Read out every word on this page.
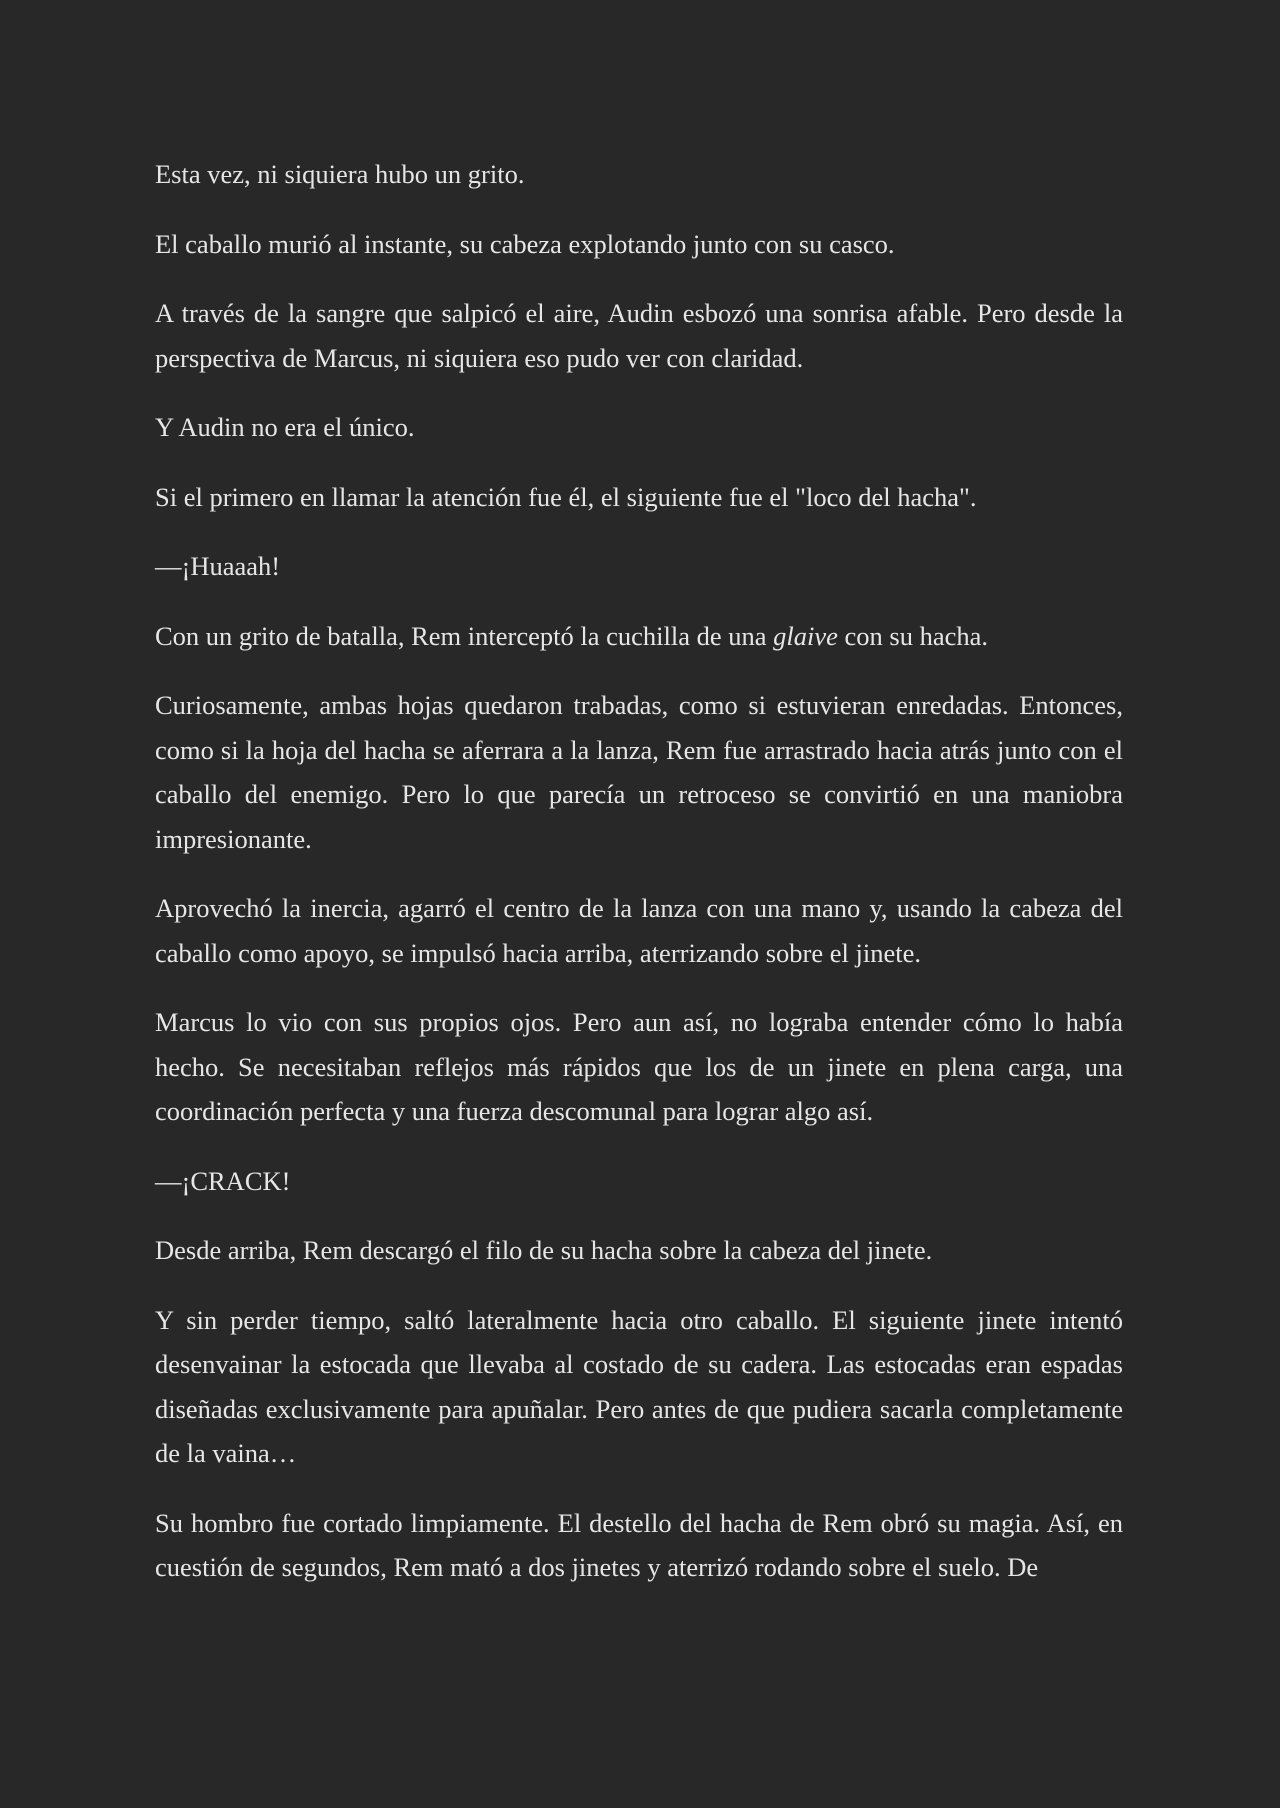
Esta vez, ni siquiera hubo un grito.

El caballo murió al instante, su cabeza explotando junto con su casco.

A través de la sangre que salpicó el aire, Audin esbozó una sonrisa afable. Pero desde la perspectiva de Marcus, ni siquiera eso pudo ver con claridad.

Y Audin no era el único.

Si el primero en llamar la atención fue él, el siguiente fue el "loco del hacha".

—¡Huaaah!

Con un grito de batalla, Rem interceptó la cuchilla de una glaive con su hacha.

Curiosamente, ambas hojas quedaron trabadas, como si estuvieran enredadas. Entonces, como si la hoja del hacha se aferrara a la lanza, Rem fue arrastrado hacia atrás junto con el caballo del enemigo. Pero lo que parecía un retroceso se convirtió en una maniobra impresionante.

Aprovechó la inercia, agarró el centro de la lanza con una mano y, usando la cabeza del caballo como apoyo, se impulsó hacia arriba, aterrizando sobre el jinete.

Marcus lo vio con sus propios ojos. Pero aun así, no lograba entender cómo lo había hecho. Se necesitaban reflejos más rápidos que los de un jinete en plena carga, una coordinación perfecta y una fuerza descomunal para lograr algo así.

—¡CRACK!

Desde arriba, Rem descargó el filo de su hacha sobre la cabeza del jinete.

Y sin perder tiempo, saltó lateralmente hacia otro caballo. El siguiente jinete intentó desenvainar la estocada que llevaba al costado de su cadera. Las estocadas eran espadas diseñadas exclusivamente para apuñalar. Pero antes de que pudiera sacarla completamente de la vaina…

Su hombro fue cortado limpiamente. El destello del hacha de Rem obró su magia. Así, en cuestión de segundos, Rem mató a dos jinetes y aterrizó rodando sobre el suelo. De
